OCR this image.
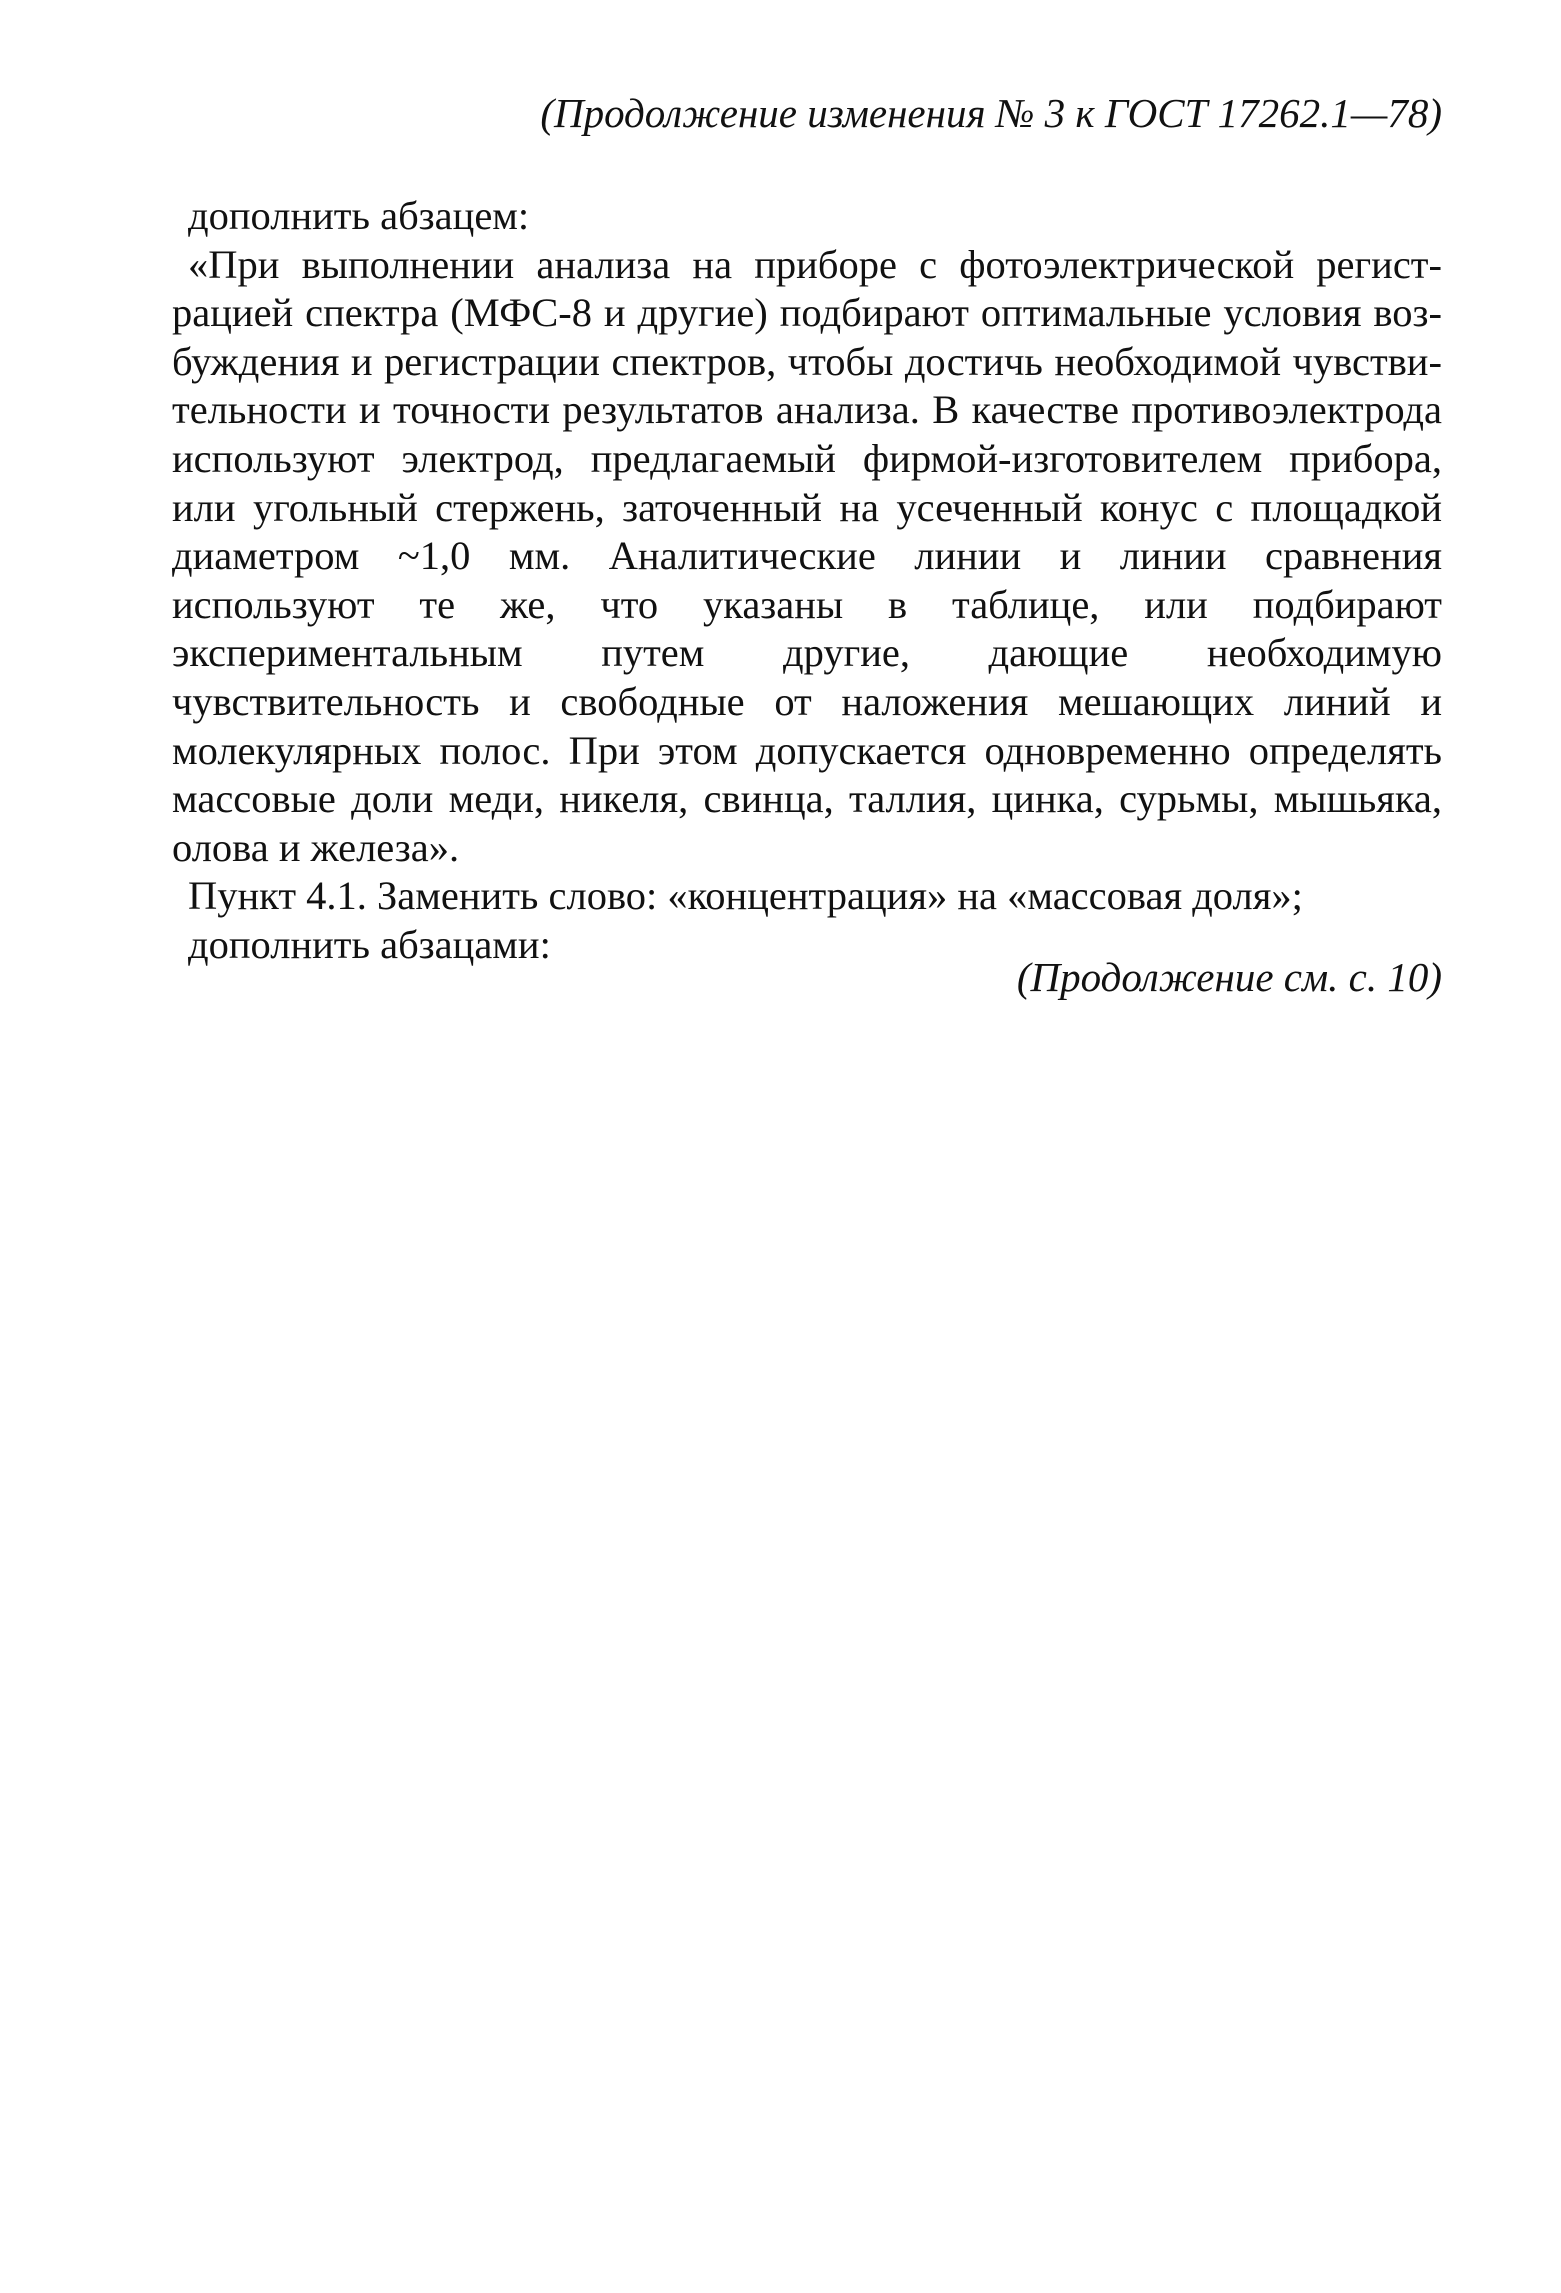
(Продолжение изменения № 3 к ГОСТ 17262.1—78)

дополнить абзацем:

«При выполнении анализа на приборе с фотоэлектрической регистрацией спектра (МФС-8 и другие) подбирают оптимальные условия возбуждения и регистрации спектров, чтобы достичь необходимой чувствительности и точности результатов анализа. В качестве противоэлектрода используют электрод, предлагаемый фирмой-изготовителем прибора, или угольный стержень, заточенный на усеченный конус с площадкой диаметром ~1,0 мм. Аналитические линии и линии сравнения используют те же, что указаны в таблице, или подбирают экспериментальным путем другие, дающие необходимую чувствительность и свободные от наложения мешающих линий и молекулярных полос. При этом допускается одновременно определять массовые доли меди, никеля, свинца, таллия, цинка, сурьмы, мышьяка, олова и железа».

Пункт 4.1. Заменить слово: «концентрация» на «массовая доля»;

дополнить абзацами:

(Продолжение см. с. 10)
